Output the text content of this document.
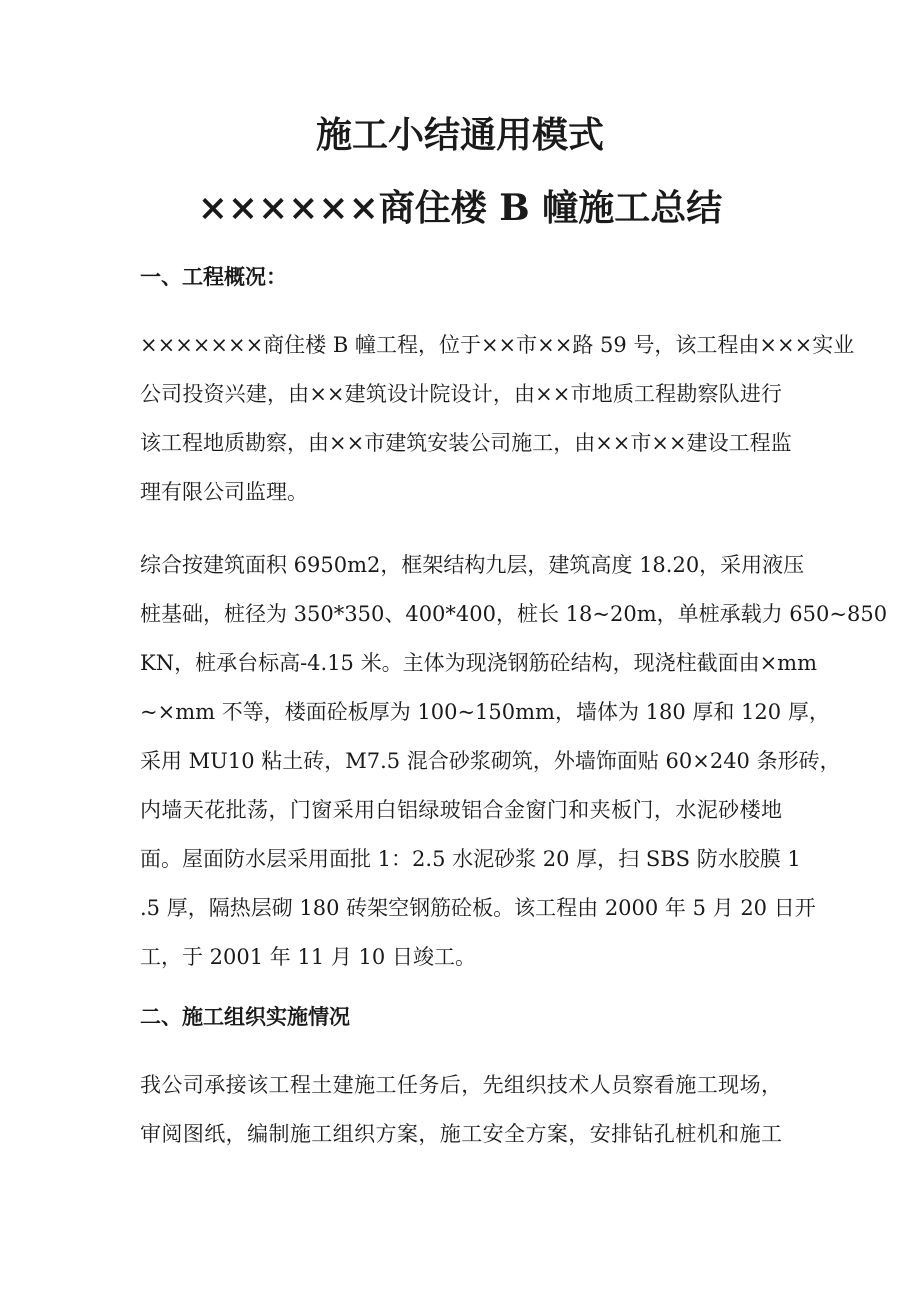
施工小结通用模式
××××××商住楼 B 幢施工总结
一、工程概况：
×××××××商住楼 B 幢工程，位于××市××路 59 号，该工程由×××实业
公司投资兴建，由××建筑设计院设计，由××市地质工程勘察队进行
该工程地质勘察，由××市建筑安装公司施工，由××市××建设工程监
理有限公司监理。
综合按建筑面积 6950m2，框架结构九层，建筑高度 18.20，采用液压
桩基础，桩径为 350*350、400*400，桩长 18~20m，单桩承载力 650~850
KN，桩承台标高-4.15 米。主体为现浇钢筋砼结构，现浇柱截面由×mm
~×mm 不等，楼面砼板厚为 100~150mm，墙体为 180 厚和 120 厚，
采用 MU10 粘土砖，M7.5 混合砂浆砌筑，外墙饰面贴 60×240 条形砖，
内墙天花批荡，门窗采用白铝绿玻铝合金窗门和夹板门，水泥砂楼地
面。屋面防水层采用面批 1：2.5 水泥砂浆 20 厚，扫 SBS 防水胶膜 1
.5 厚，隔热层砌 180 砖架空钢筋砼板。该工程由 2000 年 5 月 20 日开
工，于 2001 年 11 月 10 日竣工。
二、施工组织实施情况
我公司承接该工程土建施工任务后，先组织技术人员察看施工现场，
审阅图纸，编制施工组织方案，施工安全方案，安排钻孔桩机和施工
